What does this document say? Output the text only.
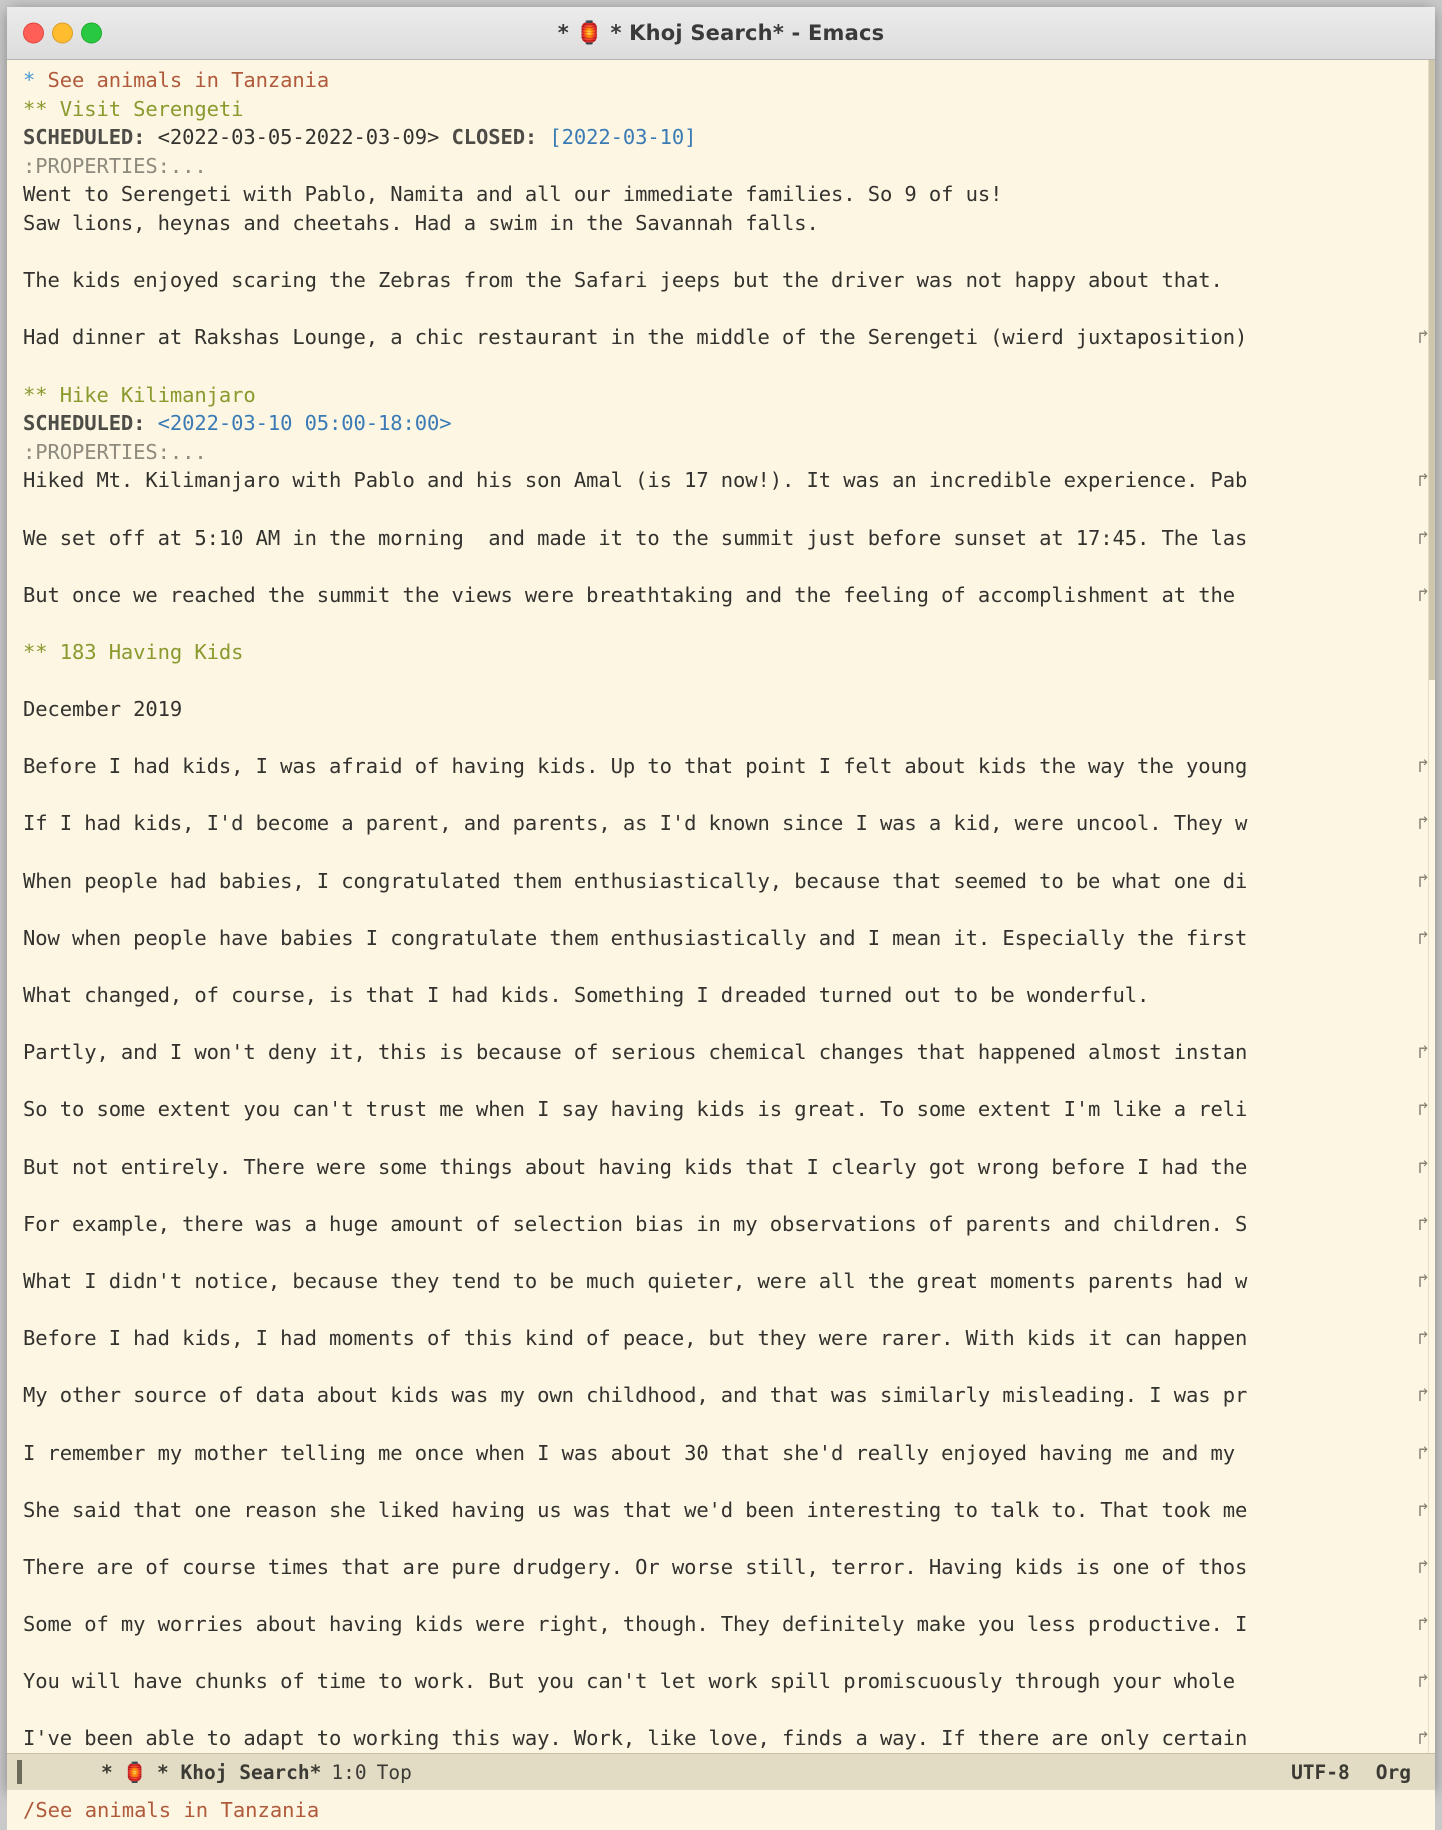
* 🏮 * Khoj Search* - Emacs
* See animals in Tanzania
** Visit Serengeti
SCHEDULED: <2022-03-05-2022-03-09> CLOSED: [2022-03-10]
:PROPERTIES:...
Went to Serengeti with Pablo, Namita and all our immediate families. So 9 of us!
Saw lions, heynas and cheetahs. Had a swim in the Savannah falls.
The kids enjoyed scaring the Zebras from the Safari jeeps but the driver was not happy about that.
Had dinner at Rakshas Lounge, a chic restaurant in the middle of the Serengeti (wierd juxtaposition) ↱
** Hike Kilimanjaro
SCHEDULED: <2022-03-10 05:00-18:00>
:PROPERTIES:...
Hiked Mt. Kilimanjaro with Pablo and his son Amal (is 17 now!). It was an incredible experience. Pab ↱
We set off at 5:10 AM in the morning  and made it to the summit just before sunset at 17:45. The las ↱
But once we reached the summit the views were breathtaking and the feeling of accomplishment at the  ↱
** 183 Having Kids
December 2019
Before I had kids, I was afraid of having kids. Up to that point I felt about kids the way the young ↱
If I had kids, I'd become a parent, and parents, as I'd known since I was a kid, were uncool. They w ↱
When people had babies, I congratulated them enthusiastically, because that seemed to be what one di ↱
Now when people have babies I congratulate them enthusiastically and I mean it. Especially the first ↱
What changed, of course, is that I had kids. Something I dreaded turned out to be wonderful.
Partly, and I won't deny it, this is because of serious chemical changes that happened almost instan ↱
So to some extent you can't trust me when I say having kids is great. To some extent I'm like a reli ↱
But not entirely. There were some things about having kids that I clearly got wrong before I had the ↱
For example, there was a huge amount of selection bias in my observations of parents and children. S ↱
What I didn't notice, because they tend to be much quieter, were all the great moments parents had w ↱
Before I had kids, I had moments of this kind of peace, but they were rarer. With kids it can happen ↱
My other source of data about kids was my own childhood, and that was similarly misleading. I was pr ↱
I remember my mother telling me once when I was about 30 that she'd really enjoyed having me and my  ↱
She said that one reason she liked having us was that we'd been interesting to talk to. That took me ↱
There are of course times that are pure drudgery. Or worse still, terror. Having kids is one of thos ↱
Some of my worries about having kids were right, though. They definitely make you less productive. I ↱
You will have chunks of time to work. But you can't let work spill promiscuously through your whole  ↱
I've been able to adapt to working this way. Work, like love, finds a way. If there are only certain ↱
* 🏮 * Khoj Search* 1:0 Top	UTF-8 Org
/See animals in Tanzania
